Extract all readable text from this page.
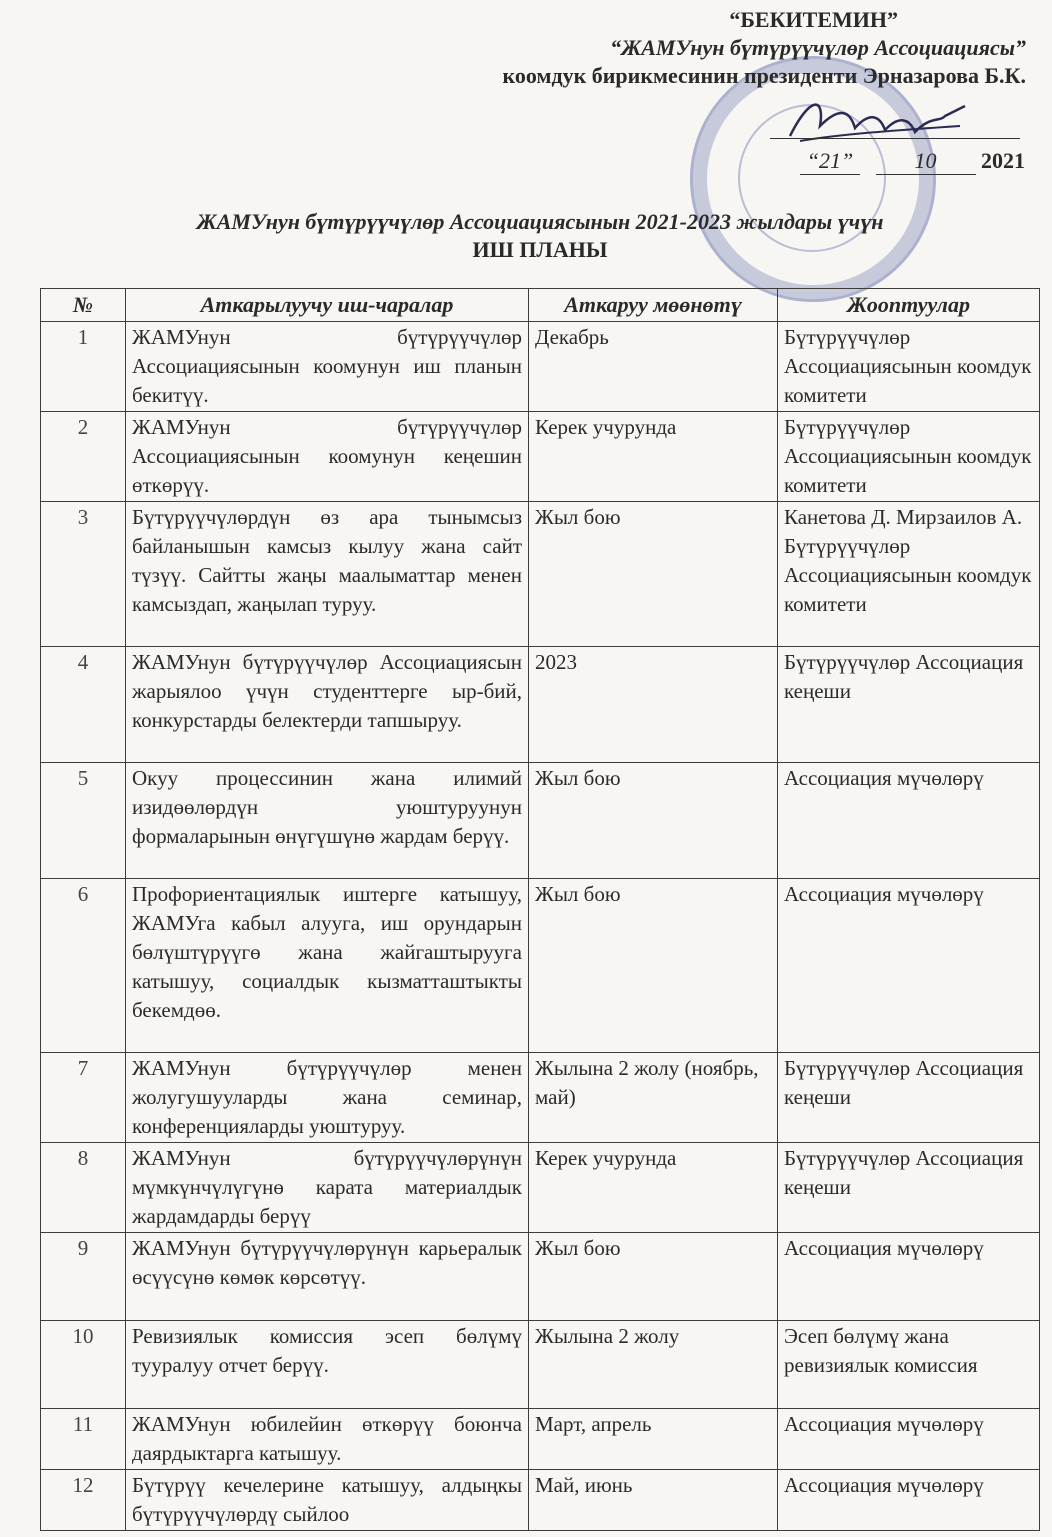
“БЕКИТЕМИН”
“ЖАМУнун бүтүрүүчүлөр Ассоциациясы”
коомдук бирикмесинин президенти Эрназарова Б.К.
“21”	10 2021
ЖАМУнун бүтүрүүчүлөр Ассоциациясынын 2021-2023 жылдары үчүн
ИШ ПЛАНЫ
№	Аткарылуучу иш-чаралар	Аткаруу мөөнөтү	Жооптуулар
1	ЖАМУнун бүтүрүүчүлөр Ассоциациясынын коомунун иш планын бекитүү.	Декабрь	Бүтүрүүчүлөр Ассоциациясынын коомдук комитети
2	ЖАМУнун бүтүрүүчүлөр Ассоциациясынын коомунун кеңешин өткөрүү.	Керек учурунда	Бүтүрүүчүлөр Ассоциациясынын коомдук комитети
3	Бүтүрүүчүлөрдүн өз ара тынымсыз байланышын камсыз кылуу жана сайт түзүү. Сайтты жаңы маалыматтар менен камсыздап, жаңылап туруу.	Жыл бою	Канетова Д. Мирзаилов А. Бүтүрүүчүлөр Ассоциациясынын коомдук комитети
4	ЖАМУнун бүтүрүүчүлөр Ассоциациясын жарыялоо үчүн студенттерге ыр-бий, конкурстарды белектерди тапшыруу.	2023	Бүтүрүүчүлөр Ассоциация кеңеши
5	Окуу процессинин жана илимий изидөөлөрдүн уюштуруунун формаларынын өнүгүшүнө жардам берүү.	Жыл бою	Ассоциация мүчөлөрү
6	Профориентациялык иштерге катышуу, ЖАМУга кабыл алууга, иш орундарын бөлүштүрүүгө жана жайгаштырууга катышуу, социалдык кызматташтыкты бекемдөө.	Жыл бою	Ассоциация мүчөлөрү
7	ЖАМУнун бүтүрүүчүлөр менен жолугушууларды жана семинар, конференцияларды уюштуруу.	Жылына 2 жолу (ноябрь, май)	Бүтүрүүчүлөр Ассоциация кеңеши
8	ЖАМУнун бүтүрүүчүлөрүнүн мүмкүнчүлүгүнө карата материалдык жардамдарды берүү	Керек учурунда	Бүтүрүүчүлөр Ассоциация кеңеши
9	ЖАМУнун бүтүрүүчүлөрүнүн карьералык өсүүсүнө көмөк көрсөтүү.	Жыл бою	Ассоциация мүчөлөрү
10	Ревизиялык комиссия эсеп бөлүмү тууралуу отчет берүү.	Жылына 2 жолу	Эсеп бөлүмү жана ревизиялык комиссия
11	ЖАМУнун юбилейин өткөрүү боюнча даярдыктарга катышуу.	Март, апрель	Ассоциация мүчөлөрү
12	Бүтүрүү кечелерине катышуу, алдыңкы бүтүрүүчүлөрдү сыйлоо	Май, июнь	Ассоциация мүчөлөрү
